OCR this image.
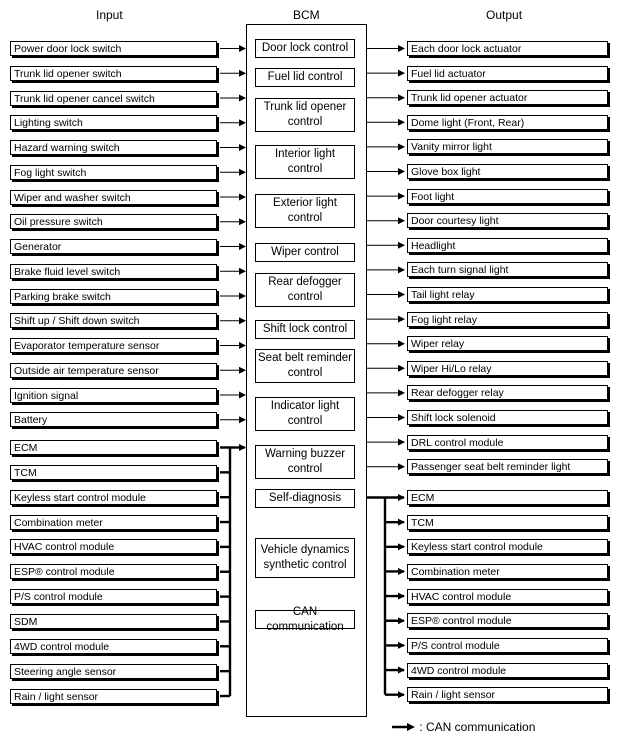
Input	BCM	Output
Power door lock switch
Trunk lid opener switch
Trunk lid opener cancel switch
Lighting switch
Hazard warning switch
Fog light switch
Wiper and washer switch
Oil pressure switch
Generator
Brake fluid level switch
Parking brake switch
Shift up / Shift down switch
Evaporator temperature sensor
Outside air temperature sensor
Ignition signal
Battery
ECM
TCM
Keyless start control module
Combination meter
HVAC control module
ESP® control module
P/S control module
SDM
4WD control module
Steering angle sensor
Rain / light sensor
Door lock control
Fuel lid control
Trunk lid opener
control
Interior light
control
Exterior light
control
Wiper control
Rear defogger
control
Shift lock control
Seat belt reminder
control
Indicator light
control
Warning buzzer
control
Self-diagnosis
Vehicle dynamics
synthetic control
CAN communication
Each door lock actuator
Fuel lid actuator
Trunk lid opener actuator
Dome light (Front, Rear)
Vanity mirror light
Glove box light
Foot light
Door courtesy light
Headlight
Each turn signal light
Tail light relay
Fog light relay
Wiper relay
Wiper Hi/Lo relay
Rear defogger relay
Shift lock solenoid
DRL control module
Passenger seat belt reminder light
ECM
TCM
Keyless start control module
Combination meter
HVAC control module
ESP® control module
P/S control module
4WD control module
Rain / light sensor
: CAN communication
